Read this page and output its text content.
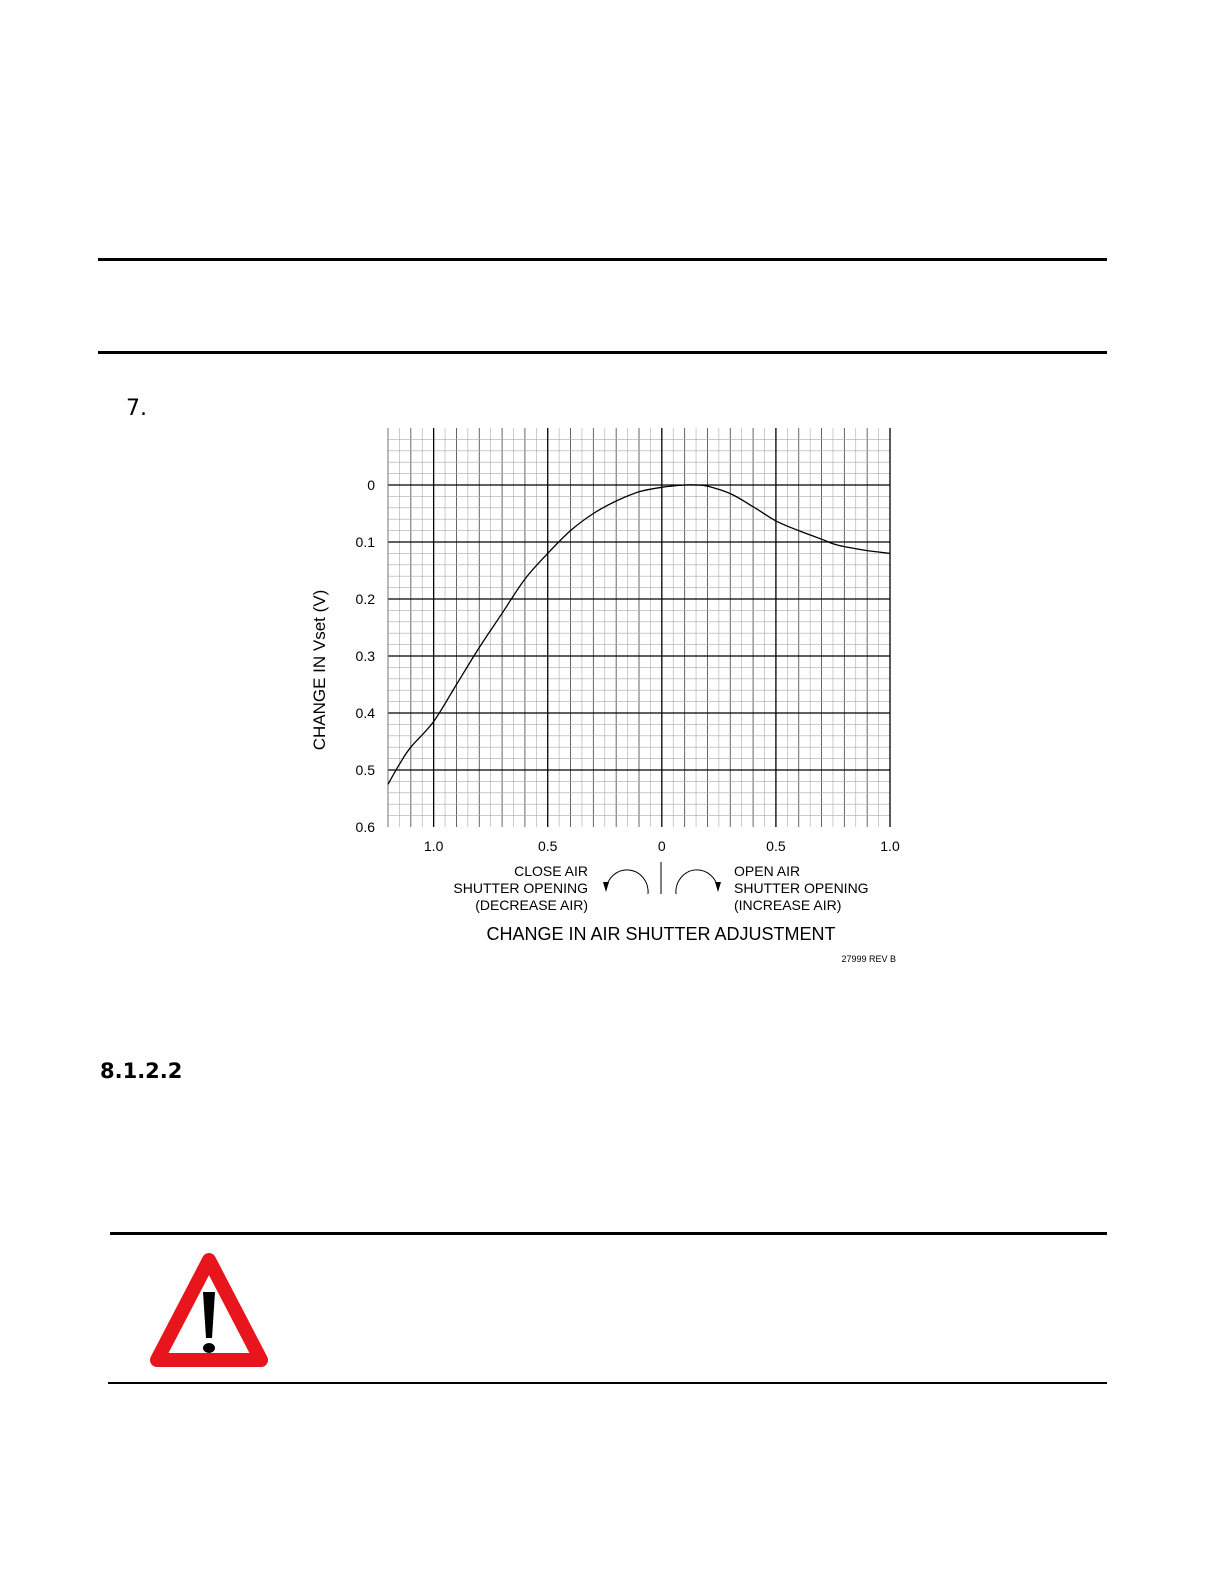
7.
0
0.1
0.2
0.3
0.4
0.5
0.6
1.0	0.5	0	0.5	1.0
CHANGE IN Vset (V)
CLOSE AIR
SHUTTER OPENING
(DECREASE AIR)
OPEN AIR
SHUTTER OPENING
(INCREASE AIR)
CHANGE IN AIR SHUTTER ADJUSTMENT
27999 REV B
8.1.2.2
